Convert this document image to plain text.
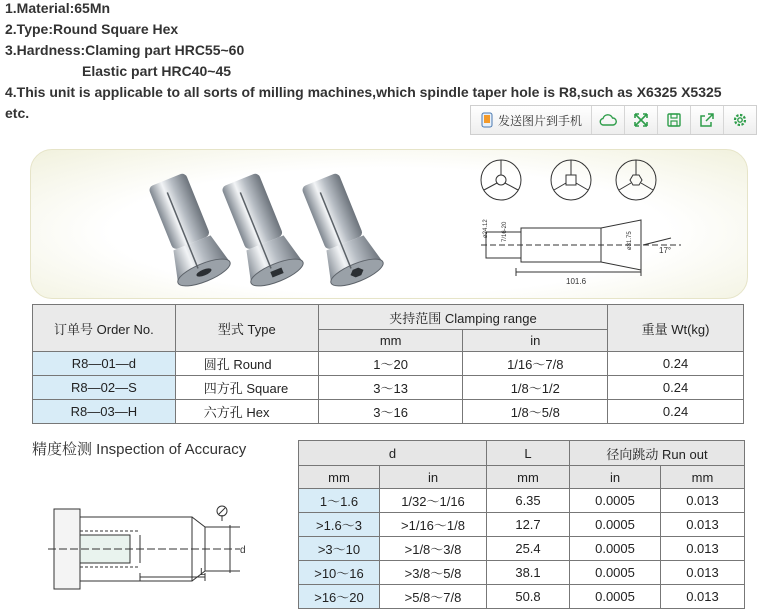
1.Material:65Mn
2.Type:Round Square Hex
3.Hardness:Claming part HRC55~60
Elastic part HRC40~45
4.This unit is applicable to all sorts of milling machines,which spindle taper hole is R8,such as X6325 X5325
etc.	发送图片到手机
101.6
17°
ø24.12 7/16-20	ø31.75
订单号 Order No.	型式 Type	夹持范围 Clamping range		重量 Wt(kg)
		mm	in	
R8—01—d	圆孔 Round	1～20	1/16～7/8	0.24
R8—02—S	四方孔 Square	3～13	1/8～1/2	0.24
R8—03—H	六方孔 Hex	3～16	1/8～5/8	0.24
精度检测 Inspection of Accuracy
d
L
d		L	径向跳动 Run out	
mm	in	mm	in	mm
1～1.6	1/32～1/16	6.35	0.0005	0.013
>1.6～3	>1/16～1/8	12.7	0.0005	0.013
>3～10	>1/8～3/8	25.4	0.0005	0.013
>10～16	>3/8～5/8	38.1	0.0005	0.013
>16～20	>5/8～7/8	50.8	0.0005	0.013
